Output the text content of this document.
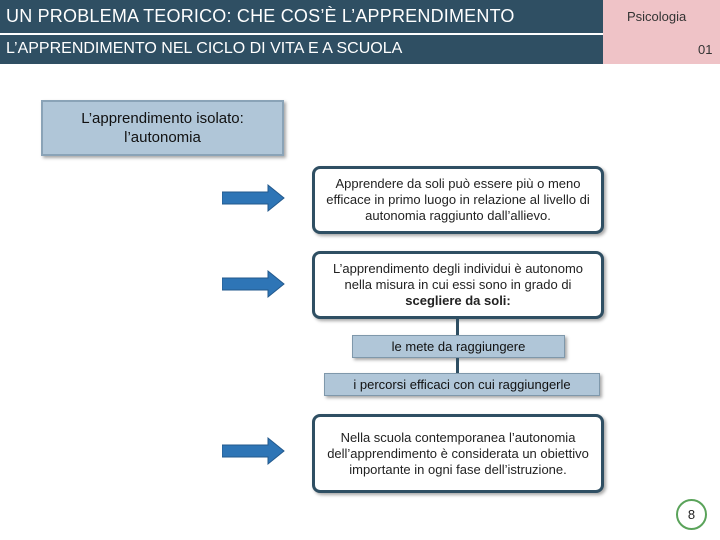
UN PROBLEMA TEORICO: CHE COS’È L’APPRENDIMENTO
L’APPRENDIMENTO NEL CICLO DI VITA E A SCUOLA
Psicologia
01
L’apprendimento isolato: l’autonomia
Apprendere da soli può essere più o meno efficace in primo luogo in relazione al livello di autonomia raggiunto dall’allievo.
L’apprendimento degli individui è autonomo nella misura in cui essi sono in grado di scegliere da soli:
le mete da raggiungere
i percorsi efficaci con cui raggiungerle
Nella scuola contemporanea l’autonomia dell’apprendimento è considerata un obiettivo importante in ogni fase dell’istruzione.
8
